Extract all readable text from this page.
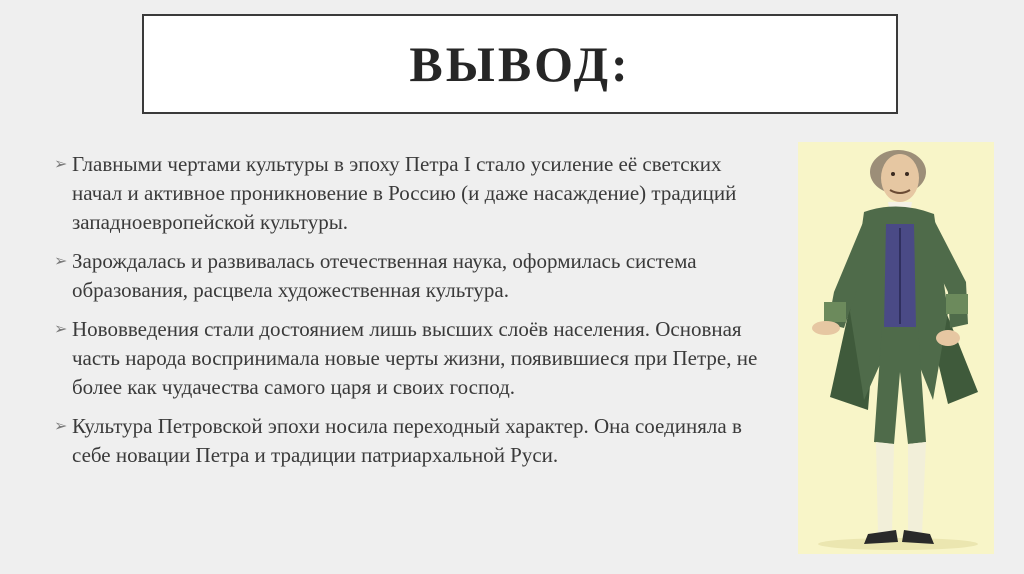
ВЫВОД:
➢ Главными чертами культуры в эпоху Петра I стало усиление её светских начал и активное проникновение в Россию (и даже насаждение) традиций западноевропейской культуры.
➢ Зарождалась и развивалась отечественная наука, оформилась система образования, расцвела художественная культура.
➢ Нововведения стали достоянием лишь высших слоёв населения. Основная часть народа воспринимала новые черты жизни, появившиеся при Петре, не более как чудачества самого царя и своих господ.
➢ Культура Петровской эпохи носила переходный характер. Она соединяла в себе новации Петра и традиции патриархальной Руси.
